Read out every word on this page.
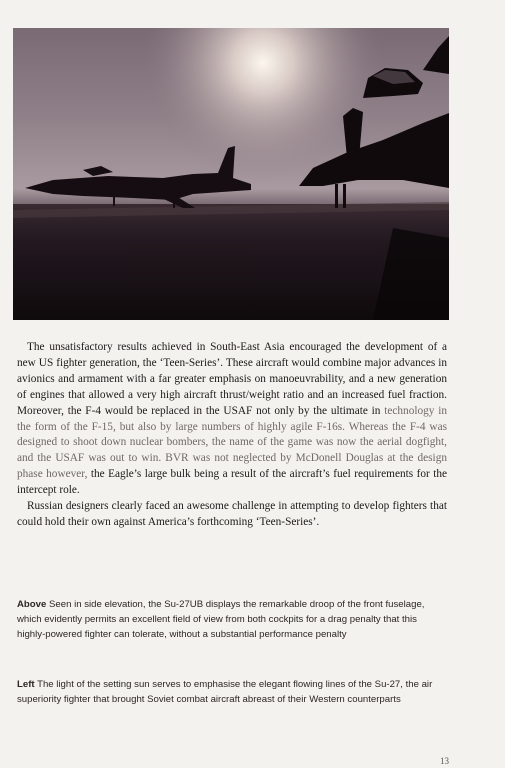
The unsatisfactory results achieved in South-East Asia encouraged the development of a new US fighter generation, the ‘Teen-Series’. These aircraft would combine major advances in avionics and armament with a far greater emphasis on manoeuvrability, and a new generation of engines that allowed a very high aircraft thrust/weight ratio and an increased fuel fraction. Moreover, the F-4 would be replaced in the USAF not only by the ultimate in technology in the form of the F-15, but also by large numbers of highly agile F-16s. Whereas the F-4 was designed to shoot down nuclear bombers, the name of the game was now the aerial dogfight, and the USAF was out to win. BVR was not neglected by McDonell Douglas at the design phase however, the Eagle’s large bulk being a result of the aircraft’s fuel requirements for the intercept role.

Russian designers clearly faced an awesome challenge in attempting to develop fighters that could hold their own against America’s forthcoming ‘Teen-Series’.

Above Seen in side elevation, the Su-27UB displays the remarkable droop of the front fuselage, which evidently permits an excellent field of view from both cockpits for a drag penalty that this highly-powered fighter can tolerate, without a substantial performance penalty
Left The light of the setting sun serves to emphasise the elegant flowing lines of the Su-27, the air superiority fighter that brought Soviet combat aircraft abreast of their Western counterparts
13
